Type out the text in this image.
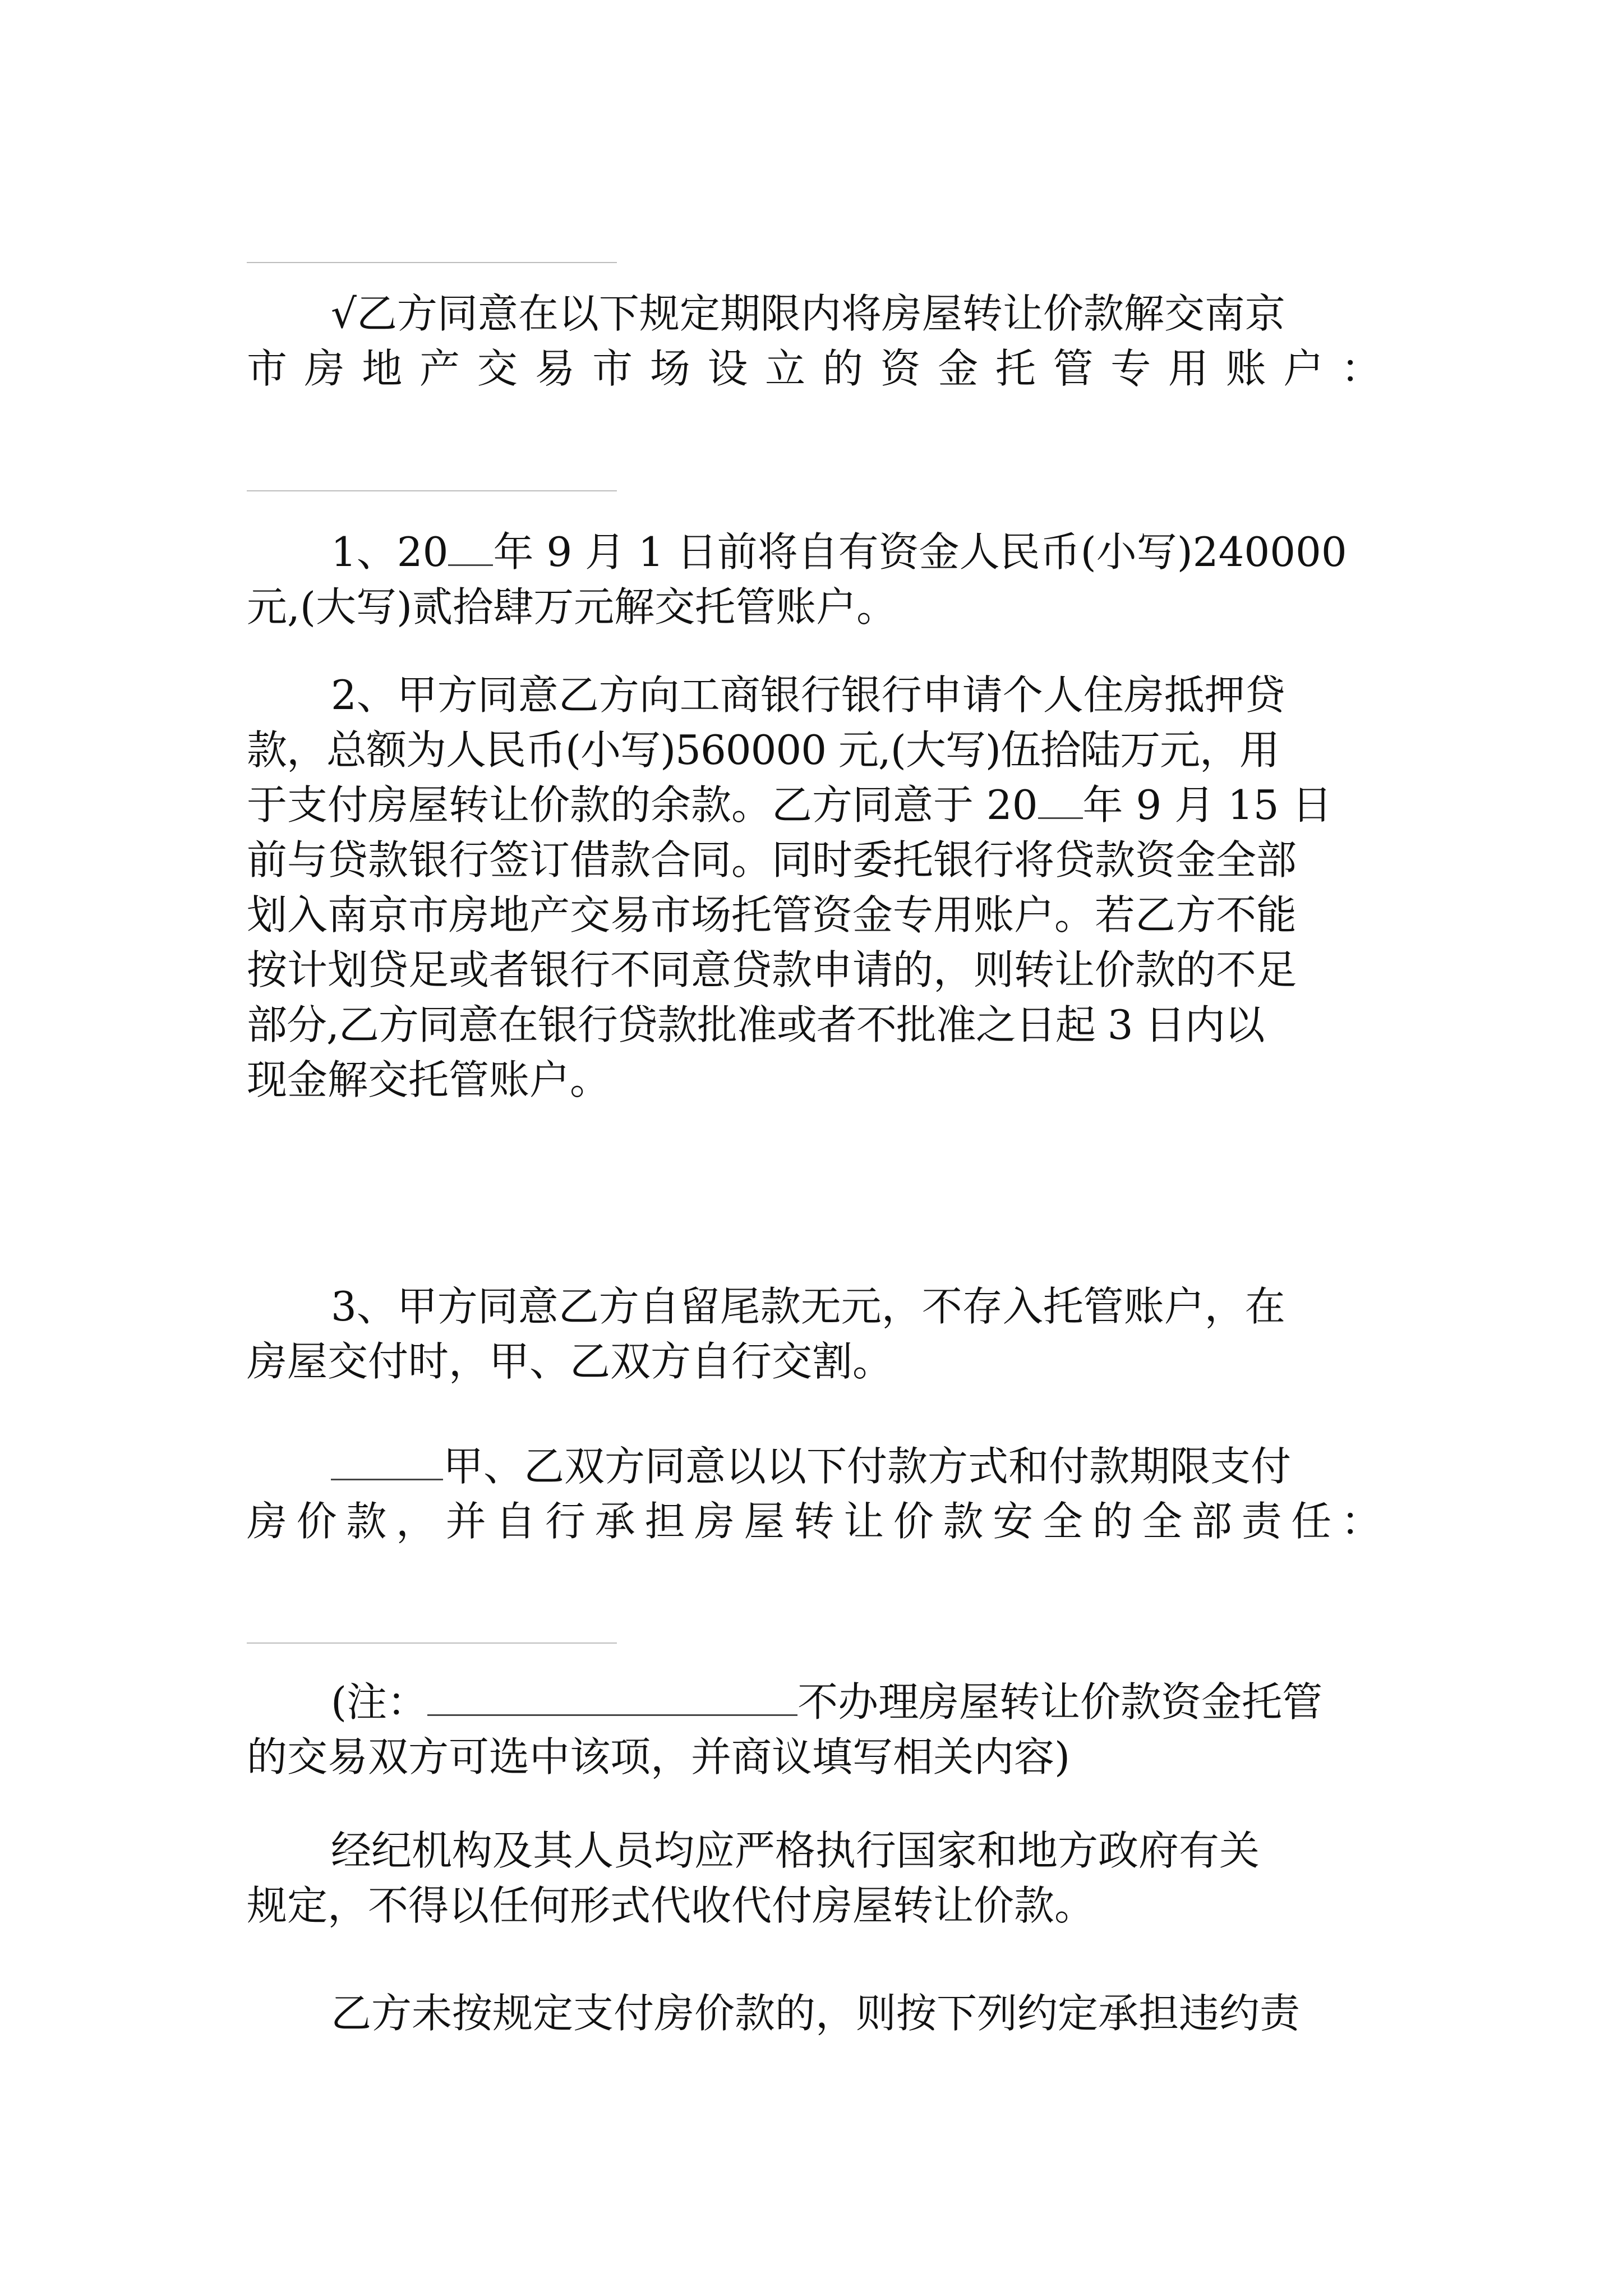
√乙方同意在以下规定期限内将房屋转让价款解交南京
市房地产交易市场设立的资金托管专用账户：

1、20 年 9 月 1 日前将自有资金人民币(小写)240000
元,(大写)贰拾肆万元解交托管账户。

2、甲方同意乙方向工商银行银行申请个人住房抵押贷
款，总额为人民币(小写)560000 元,(大写)伍拾陆万元，用
于支付房屋转让价款的余款。乙方同意于 20 年 9 月 15 日
前与贷款银行签订借款合同。同时委托银行将贷款资金全部
划入南京市房地产交易市场托管资金专用账户。若乙方不能
按计划贷足或者银行不同意贷款申请的，则转让价款的不足
部分,乙方同意在银行贷款批准或者不批准之日起 3 日内以
现金解交托管账户。

3、甲方同意乙方自留尾款无元，不存入托管账户，在
房屋交付时，甲、乙双方自行交割。

甲、乙双方同意以以下付款方式和付款期限支付
房价款，并自行承担房屋转让价款安全的全部责任：

(注：	不办理房屋转让价款资金托管
的交易双方可选中该项，并商议填写相关内容)

经纪机构及其人员均应严格执行国家和地方政府有关
规定，不得以任何形式代收代付房屋转让价款。

乙方未按规定支付房价款的，则按下列约定承担违约责
